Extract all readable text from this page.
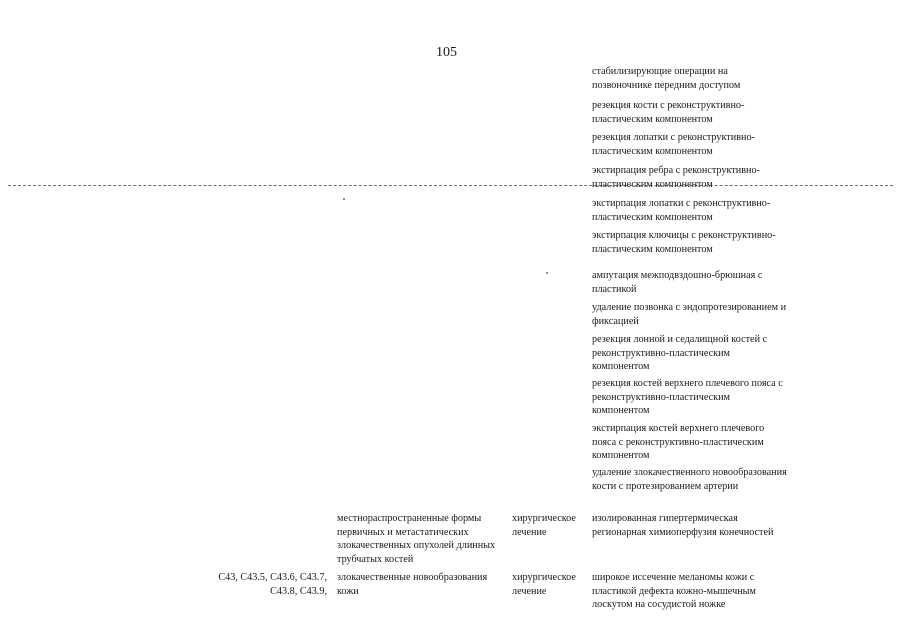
105
стабилизирующие операции на позвоночнике передним доступом
резекция кости с реконструктивно-пластическим компонентом
резекция лопатки с реконструктивно-пластическим компонентом
экстирпация ребра с реконструктивно-пластическим компонентом
экстирпация лопатки с реконструктивно-пластическим компонентом
экстирпация ключицы с реконструктивно-пластическим компонентом
ампутация межподвздошно-брюшная с пластикой
удаление позвонка с эндопротезированием и фиксацией
резекция лонной и седалищной костей с реконструктивно-пластическим компонентом
резекция костей верхнего плечевого пояса с реконструктивно-пластическим компонентом
экстирпация костей верхнего плечевого пояса с реконструктивно-пластическим компонентом
удаление злокачественного новообразования кости с протезированием артерии
местнораспространенные формы первичных и метастатических злокачественных опухолей длинных трубчатых костей
хирургическое лечение
изолированная гипертермическая регионарная химиоперфузия конечностей
C43, C43.5, C43.6, C43.7, C43.8, C43.9,
злокачественные новообразования кожи
хирургическое лечение
широкое иссечение меланомы кожи с пластикой дефекта кожно-мышечным лоскутом на сосудистой ножке
